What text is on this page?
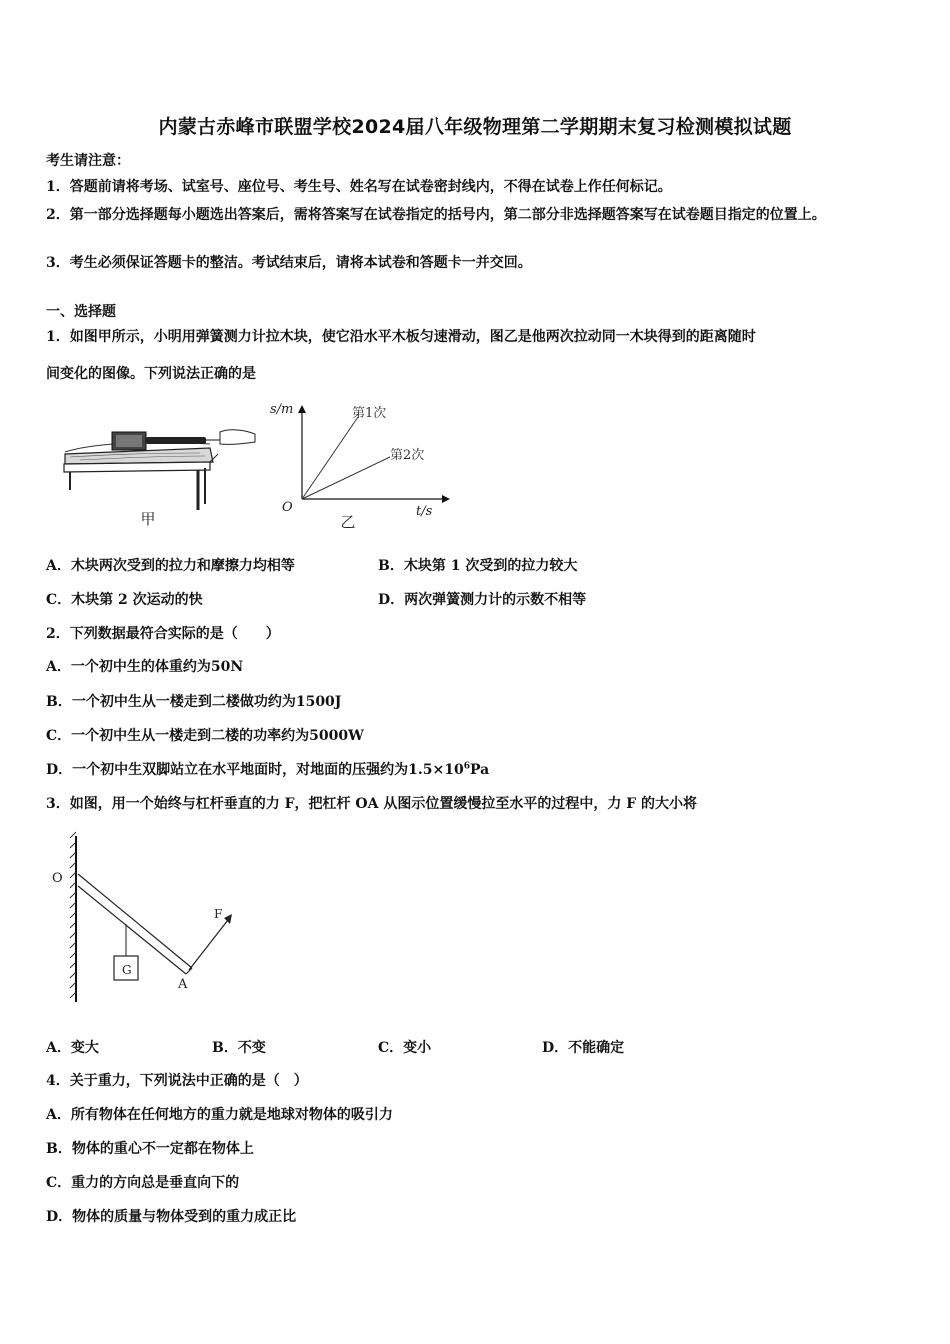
内蒙古赤峰市联盟学校2024届八年级物理第二学期期末复习检测模拟试题
考生请注意：
1．答题前请将考场、试室号、座位号、考生号、姓名写在试卷密封线内，不得在试卷上作任何标记。
2．第一部分选择题每小题选出答案后，需将答案写在试卷指定的括号内，第二部分非选择题答案写在试卷题目指定的位置上。
3．考生必须保证答题卡的整洁。考试结束后，请将本试卷和答题卡一并交回。
一、选择题
1．如图甲所示，小明用弹簧测力计拉木块，使它沿水平木板匀速滑动，图乙是他两次拉动同一木块得到的距离随时
间变化的图像。下列说法正确的是
甲
s/m
t/s
O
第1次
第2次
乙
A．木块两次受到的拉力和摩擦力均相等	B．木块第 1 次受到的拉力较大
C．木块第 2 次运动的快	D．两次弹簧测力计的示数不相等
2．下列数据最符合实际的是（　　）
A．一个初中生的体重约为50N
B．一个初中生从一楼走到二楼做功约为1500J
C．一个初中生从一楼走到二楼的功率约为5000W
D．一个初中生双脚站立在水平地面时，对地面的压强约为$1.5\times 10^6Pa$
3．如图，用一个始终与杠杆垂直的力 F，把杠杆 OA 从图示位置缓慢拉至水平的过程中，力 F 的大小将
O
G
A
F
A．变大	B．不变	C．变小	D．不能确定
4．关于重力，下列说法中正确的是（　）
A．所有物体在任何地方的重力就是地球对物体的吸引力
B．物体的重心不一定都在物体上
C．重力的方向总是垂直向下的
D．物体的质量与物体受到的重力成正比
